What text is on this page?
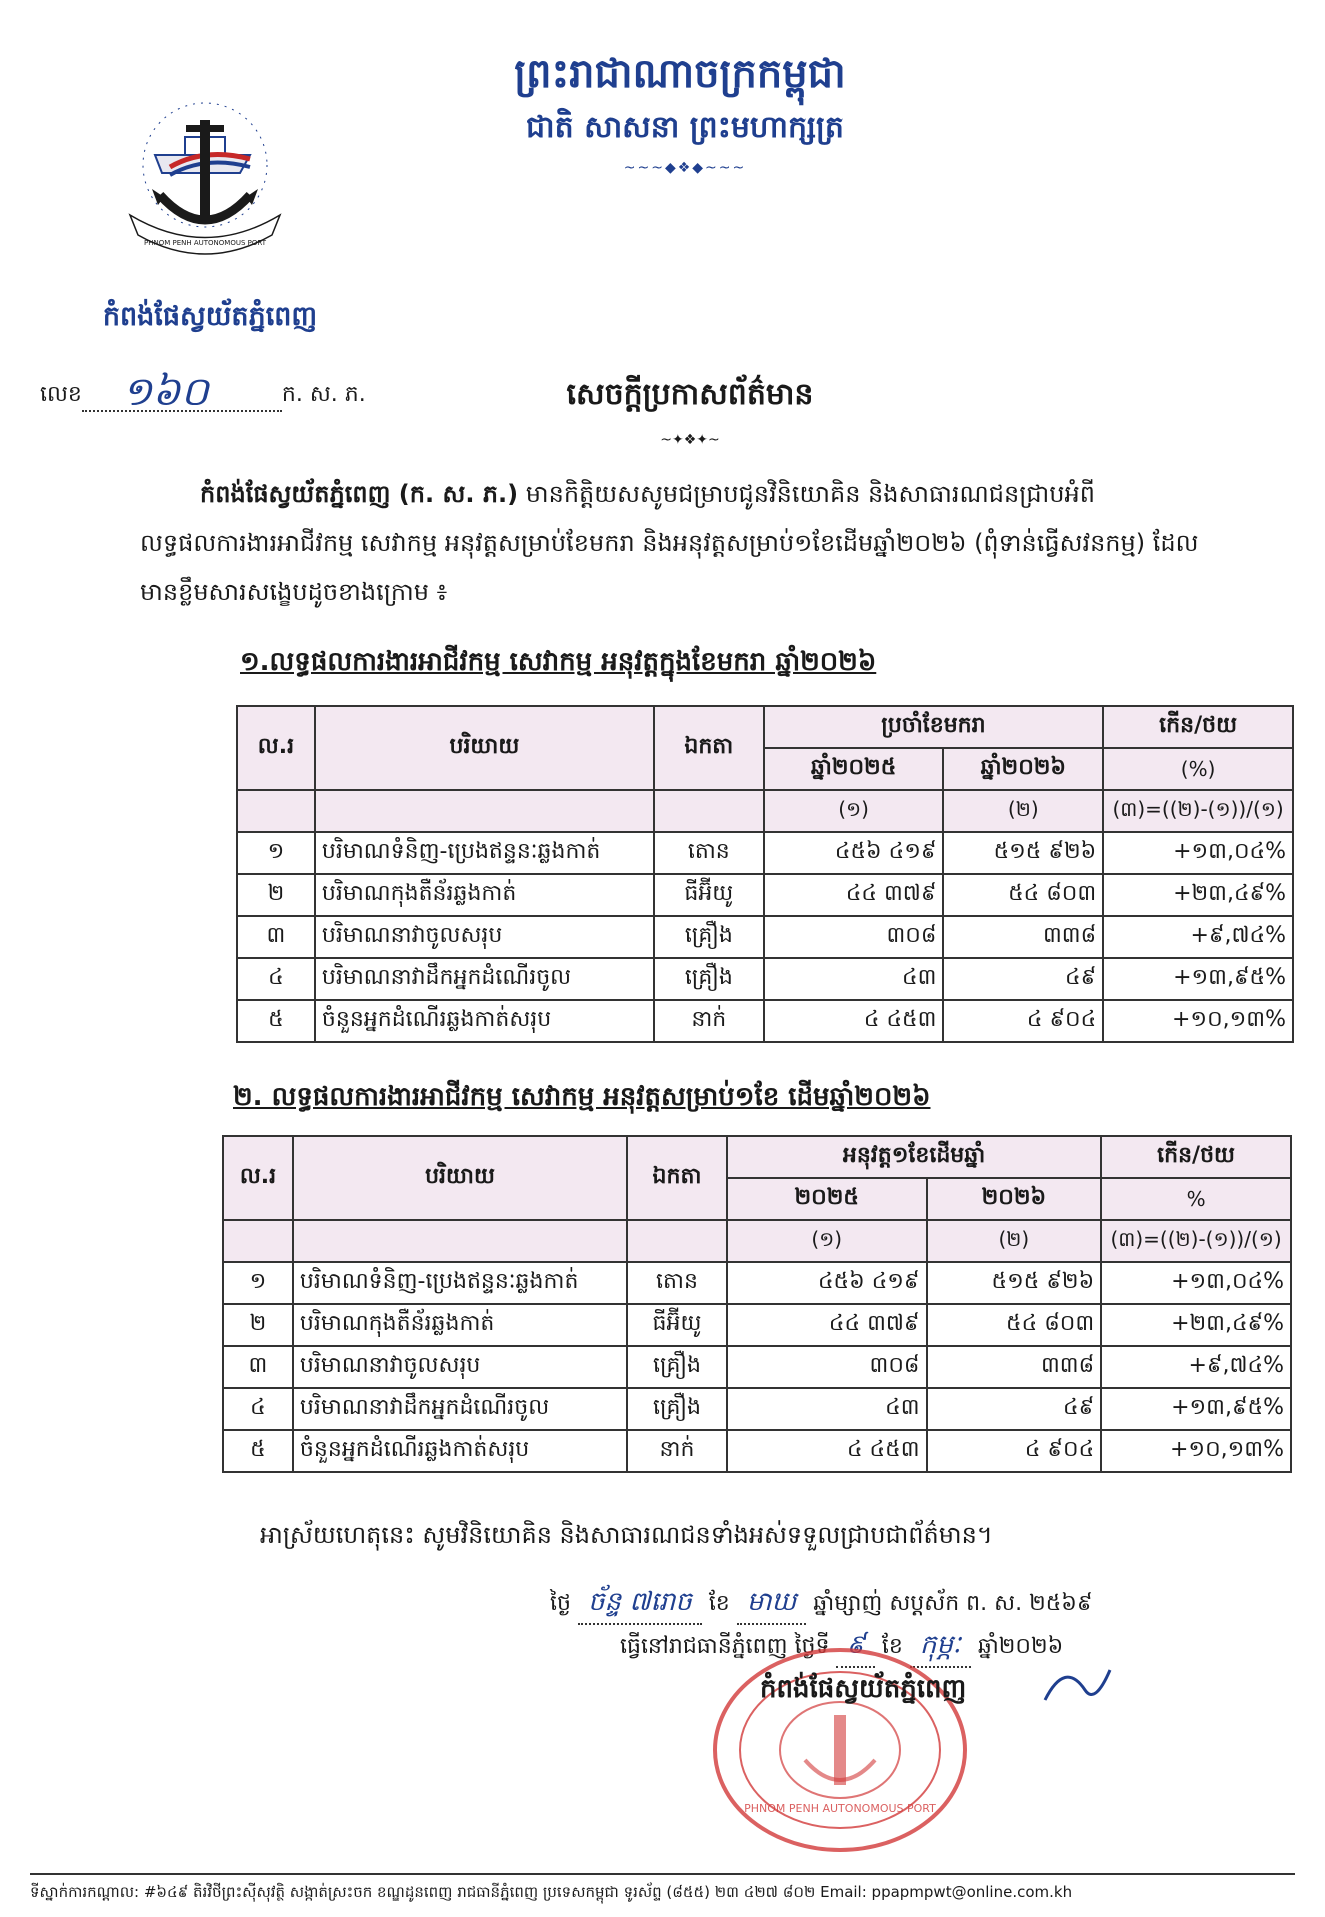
ព្រះរាជាណាចក្រកម្ពុជា
ជាតិ សាសនា ព្រះមហាក្សត្រ
~~~◆❖◆~~~
PHNOM PENH AUTONOMOUS PORT
កំពង់ផែស្វយ័តភ្នំពេញ
លេខ ១៦០	ក. ស. ភ.	សេចក្ដីប្រកាសព័ត៌មាន
~✦❖✦~

កំពង់ផែស្វយ័តភ្នំពេញ (ក. ស. ភ.) មានកិត្តិយសសូមជម្រាបជូនវិនិយោគិន និងសាធារណជនជ្រាបអំពី

លទ្ធផលការងារអាជីវកម្ម សេវាកម្ម អនុវត្តសម្រាប់ខែមករា និងអនុវត្តសម្រាប់១ខែដើមឆ្នាំ២០២៦ (ពុំទាន់ធ្វើសវនកម្ម) ដែល

មានខ្លឹមសារសង្ខេបដូចខាងក្រោម ៖

១.លទ្ធផលការងារអាជីវកម្ម សេវាកម្ម អនុវត្តក្នុងខែមករា ឆ្នាំ២០២៦
ល.រ	បរិយាយ	ឯកតា	ប្រចាំខែមករា		កើន/ថយ
			ឆ្នាំ២០២៥	ឆ្នាំ២០២៦	(%)
			(១)	(២)	(៣)=((២)-(១))/(១)
១	បរិមាណទំនិញ-ប្រេងឥន្ទនៈឆ្លងកាត់	តោន	៤៥៦ ៤១៩	៥១៥ ៩២៦	+១៣,០៤%
២	បរិមាណកុងតឺន័រឆ្លងកាត់	ធីអ៊ីយូ	៤៤ ៣៧៩	៥៤ ៨០៣	+២៣,៤៩%
៣	បរិមាណនាវាចូលសរុប	គ្រឿង	៣០៨	៣៣៨	+៩,៧៤%
៤	បរិមាណនាវាដឹកអ្នកដំណើរចូល	គ្រឿង	៤៣	៤៩	+១៣,៩៥%
៥	ចំនួនអ្នកដំណើរឆ្លងកាត់សរុប	នាក់	៤ ៤៥៣	៤ ៩០៤	+១០,១៣%
២. លទ្ធផលការងារអាជីវកម្ម សេវាកម្ម អនុវត្តសម្រាប់១ខែ ដើមឆ្នាំ២០២៦
ល.រ	បរិយាយ	ឯកតា	អនុវត្ត១ខែដើមឆ្នាំ		កើន/ថយ
			២០២៥	២០២៦	%
			(១)	(២)	(៣)=((២)-(១))/(១)
១	បរិមាណទំនិញ-ប្រេងឥន្ទនៈឆ្លងកាត់	តោន	៤៥៦ ៤១៩	៥១៥ ៩២៦	+១៣,០៤%
២	បរិមាណកុងតឺន័រឆ្លងកាត់	ធីអ៊ីយូ	៤៤ ៣៧៩	៥៤ ៨០៣	+២៣,៤៩%
៣	បរិមាណនាវាចូលសរុប	គ្រឿង	៣០៨	៣៣៨	+៩,៧៤%
៤	បរិមាណនាវាដឹកអ្នកដំណើរចូល	គ្រឿង	៤៣	៤៩	+១៣,៩៥%
៥	ចំនួនអ្នកដំណើរឆ្លងកាត់សរុប	នាក់	៤ ៤៥៣	៤ ៩០៤	+១០,១៣%
អាស្រ័យហេតុនេះ សូមវិនិយោគិន និងសាធារណជនទាំងអស់ទទួលជ្រាបជាព័ត៌មាន។
ថ្ងៃ ច័ន្ទ ៧រោច ខែ មាឃ ឆ្នាំម្សាញ់ សប្តស័ក ព. ស. ២៥៦៩
ធ្វើនៅរាជធានីភ្នំពេញ ថ្ងៃទី ៩ ខែ កុម្ភៈ ឆ្នាំ២០២៦
PHNOM PENH AUTONOMOUS PORT
កំពង់ផែស្វយ័តភ្នំពេញ
ទីស្នាក់ការកណ្ដាល: #៦៤៩ តិរវិថីព្រះស៊ីសុវត្ថិ សង្កាត់ស្រះចក ខណ្ឌដូនពេញ រាជធានីភ្នំពេញ ប្រទេសកម្ពុជា ទូរស័ព្ទ (៨៥៥) ២៣ ៤២៧ ៨០២ Email: ppapmpwt@online.com.kh
